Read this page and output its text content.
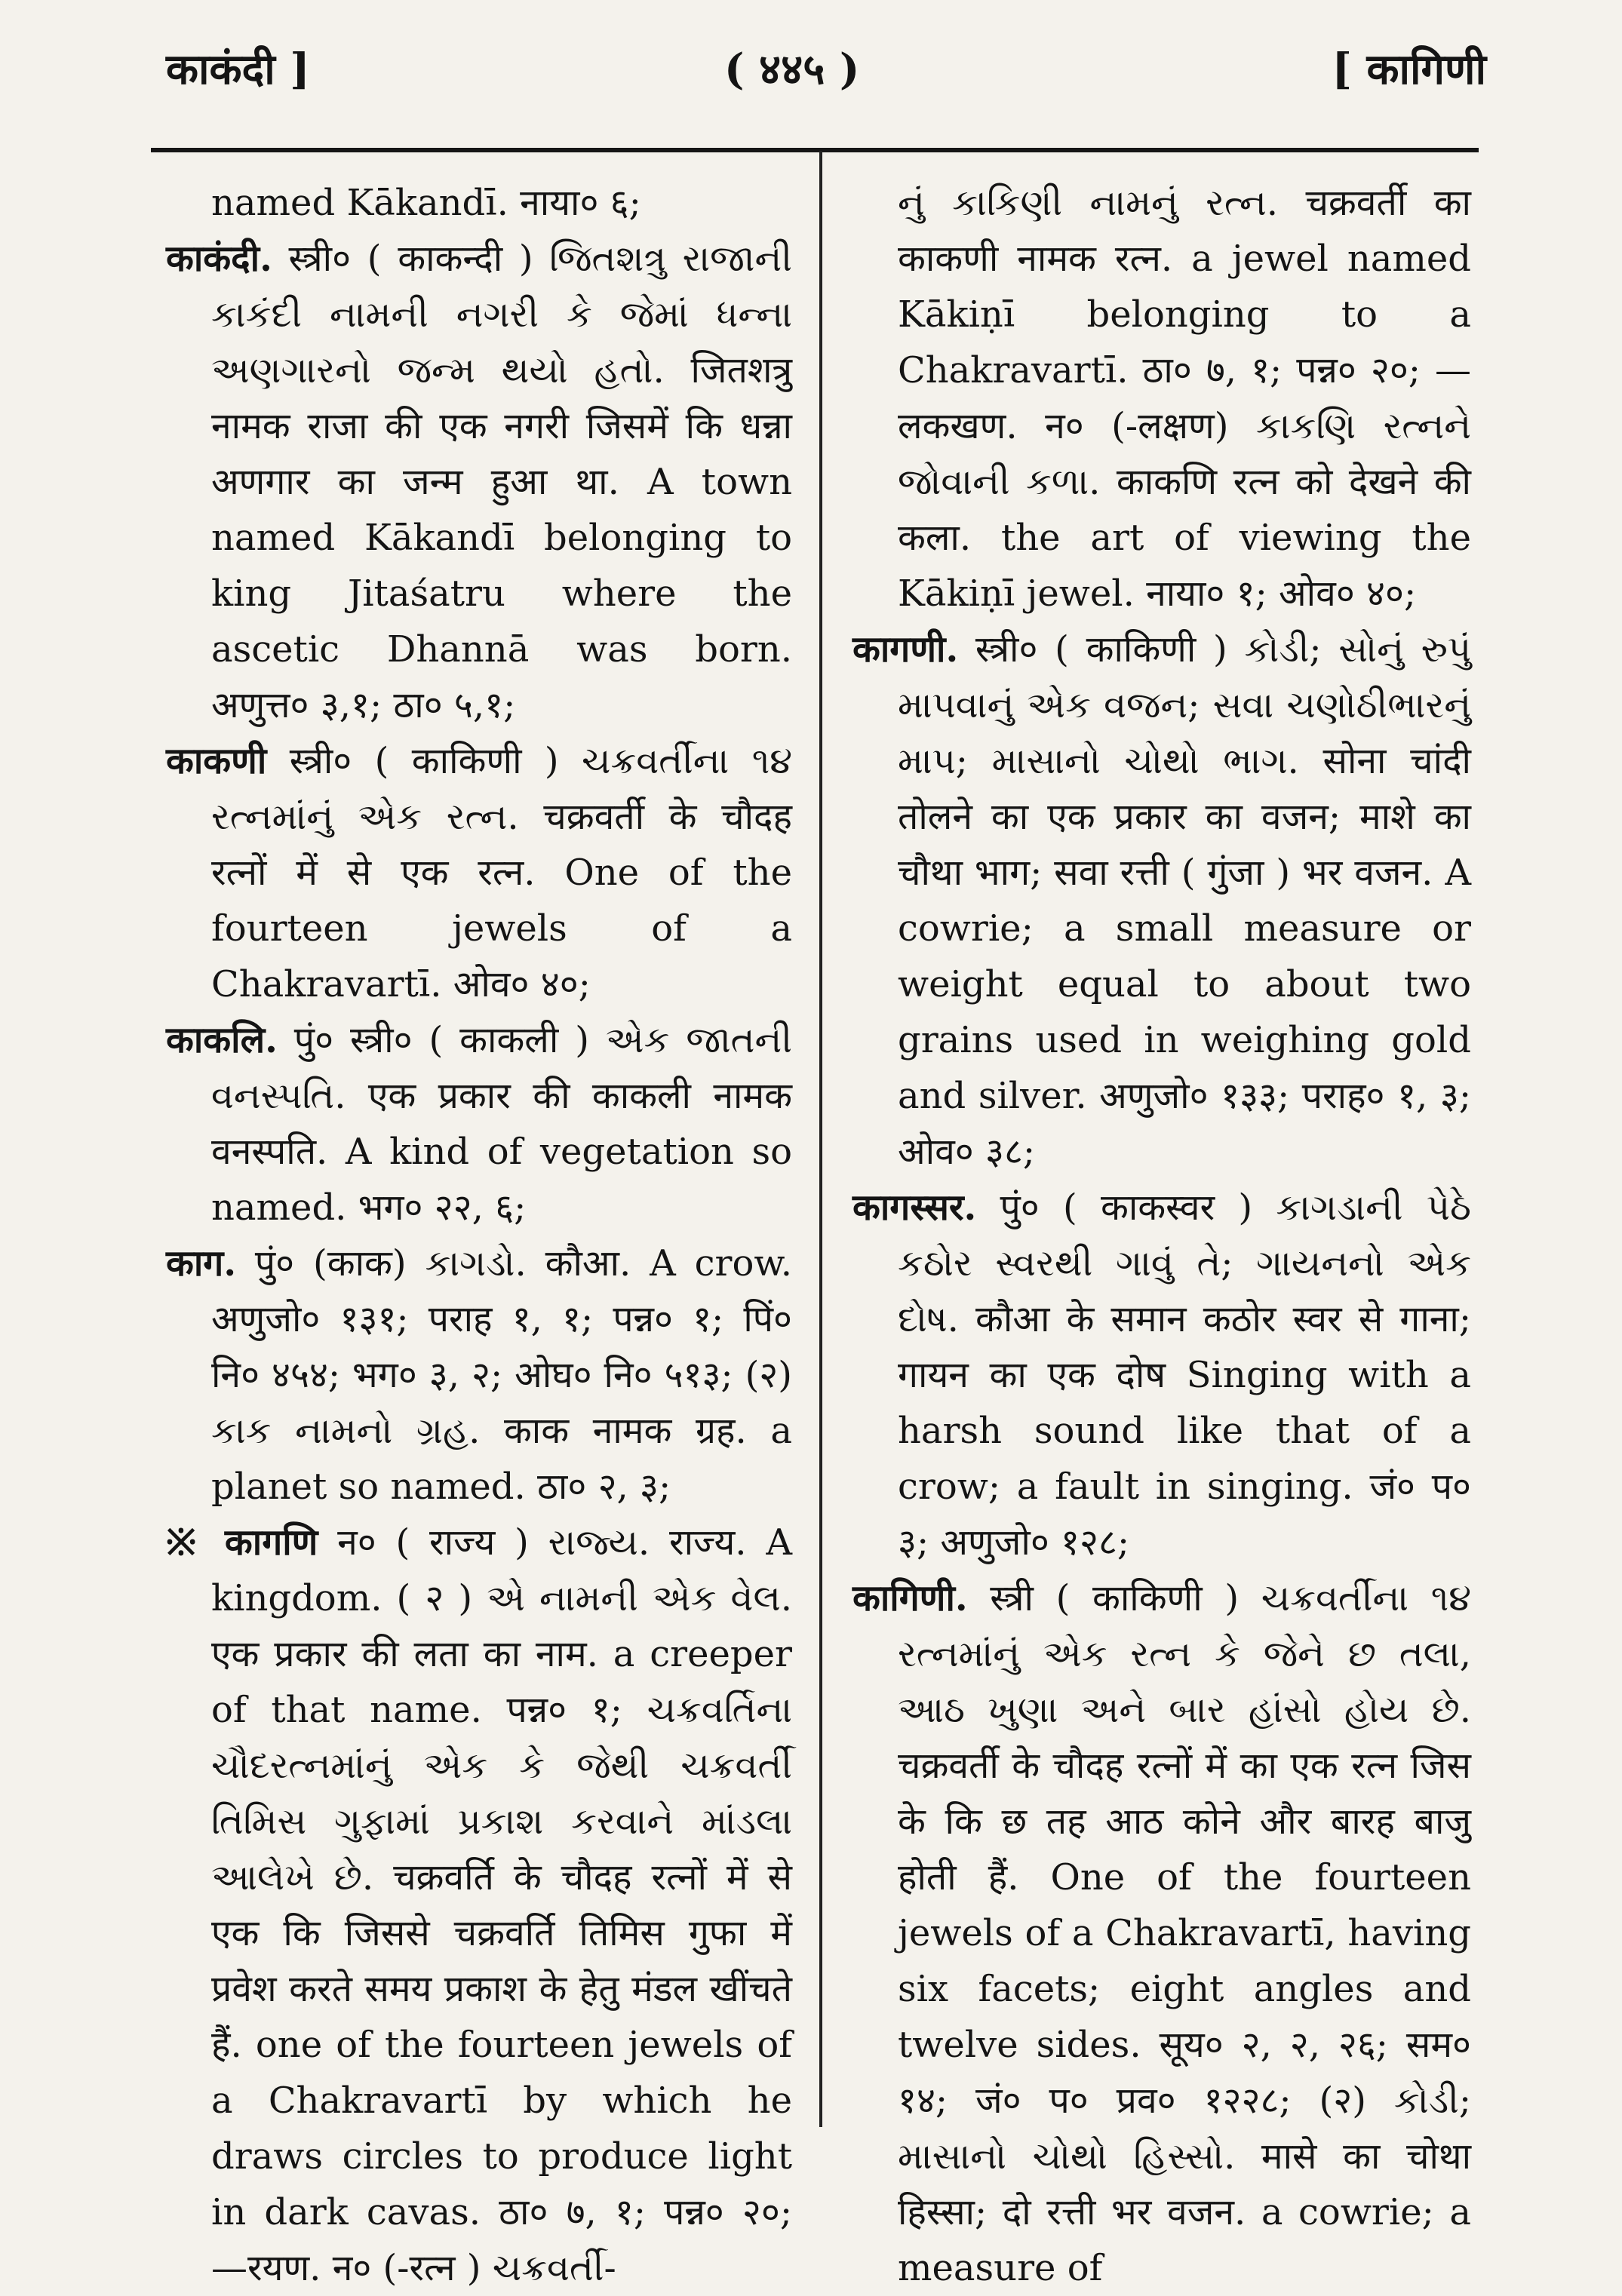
काकंदी ]	( ४४५ )	[ कागिणी

named Kākandī. नाया० ६;

काकंदी. स्त्री० ( काकन्दी ) જિતશત્રુ રાજાની કાકંદી નામની નગરી કે જેમાં ધન્ના અણગારનો જન્મ થયો હતો. जितशत्रु नामक राजा की एक नगरी जिसमें कि धन्ना अणगार का जन्म हुआ था. A town named Kākandī belonging to king Jitaśatru where the ascetic Dhannā was born. अणुत्त० ३,१; ठा० ५,१;

काकणी स्त्री० ( काकिणी ) ચક્રવર્તીના ૧૪ રત્નમાંનું એક રત્ન. चक्रवर्ती के चौदह रत्नों में से एक रत्न. One of the fourteen jewels of a Chakravartī. ओव० ४०;

काकलि. पुं० स्त्री० ( काकली ) એક જાતની વનસ્પતિ. एक प्रकार की काकली नामक वनस्पति. A kind of vegetation so named. भग० २२, ६;

काग. पुं० (काक) કાગડો. कौआ. A crow. अणुजो० १३१; पराह १, १; पन्न० १; पिं० नि० ४५४; भग० ३, २; ओघ० नि० ५१३; (२) કાક નામનો ગ્રહ. काक नामक ग्रह. a planet so named. ठा० २, ३;

※ कागणि न० ( राज्य ) રાજ્ય. राज्य. A kingdom. ( २ ) એ નામની એક વેલ. एक प्रकार की लता का नाम. a creeper of that name. पन्न० १; ચક્રવર્તિના ચૌદરત્નમાંનું એક કે જેથી ચક્રવર્તી તિમિસ ગુફામાં પ્રકાશ કરવાને માંડલા આલેખે છે. चक्रवर्ति के चौदह रत्नों में से एक कि जिससे चक्रवर्ति तिमिस गुफा में प्रवेश करते समय प्रकाश के हेतु मंडल खींचते हैं. one of the fourteen jewels of a Chakravartī by which he draws circles to produce light in dark cavas. ठा० ७, १; पन्न० २०; —रयण. न० (-रत्न ) ચક્રવર્તી-

નું કાકિણી નામનું રત્ન. चक्रवर्ती का काकणी नामक रत्न. a jewel named Kākiṇī belonging to a Chakravartī. ठा० ७, १; पन्न० २०; —लकखण. न० (-लक्षण) કાકણિ રત્નને જોવાની કળા. काकणि रत्न को देखने की कला. the art of viewing the Kākiṇī jewel. नाया० १; ओव० ४०;

कागणी. स्त्री० ( काकिणी ) કોડી; સોનું રુપું માપવાનું એક વજન; સવા ચણોઠીભારનું માપ; માસાનો ચોથો ભાગ. सोना चांदी तोलने का एक प्रकार का वजन; माशे का चौथा भाग; सवा रत्ती ( गुंजा ) भर वजन. A cowrie; a small measure or weight equal to about two grains used in weighing gold and silver. अणुजो० १३३; पराह० १, ३; ओव० ३८;

कागस्सर. पुं० ( काकस्वर ) કાગડાની પેઠે કઠોર સ્વરથી ગાવું તે; ગાયનનો એક દોષ. कौआ के समान कठोर स्वर से गाना; गायन का एक दोष Singing with a harsh sound like that of a crow; a fault in singing. जं० प० ३; अणुजो० १२८;

कागिणी. स्त्री ( काकिणी ) ચક્રવર્તીના ૧૪ રત્નમાંનું એક રત્ન કે જેને છ તલા, આઠ ખુણા અને બાર હાંસો હોય છે. चक्रवर्ती के चौदह रत्नों में का एक रत्न जिस के कि छ तह आठ कोने और बारह बाजु होती हैं. One of the fourteen jewels of a Chakravartī, having six facets; eight angles and twelve sides. सूय० २, २, २६; सम० १४; जं० प० प्रव० १२२८; (२) કોડી; માસાનો ચોથો હિસ્સો. मासे का चोथा हिस्सा; दो रत्ती भर वजन. a cowrie; a measure of
